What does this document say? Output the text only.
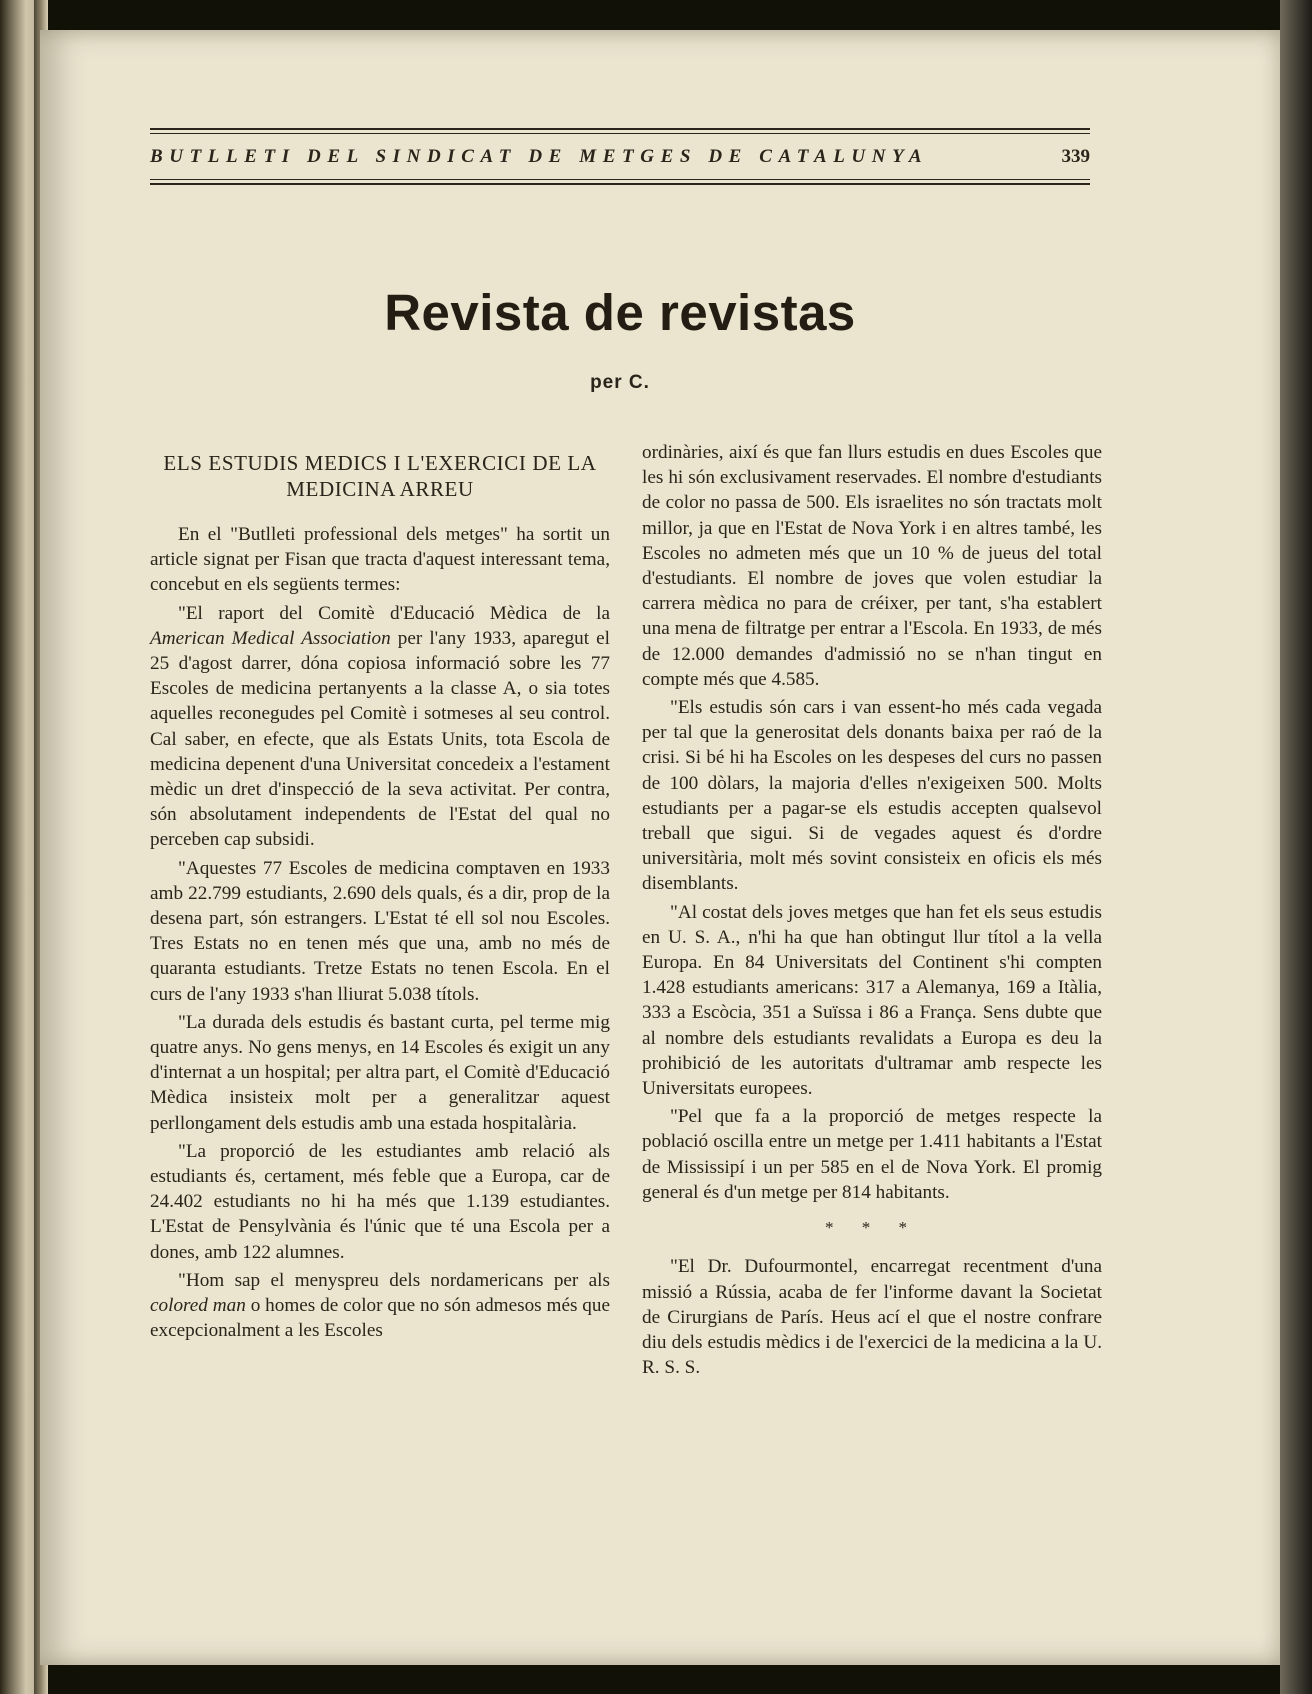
BUTLLETI DEL SINDICAT DE METGES DE CATALUNYA	339
Revista de revistas
per C.
ELS ESTUDIS MEDICS I L'EXERCICI DE LA MEDICINA ARREU

En el "Butlleti professional dels metges" ha sortit un article signat per Fisan que tracta d'aquest interessant tema, concebut en els següents termes:

"El raport del Comitè d'Educació Mèdica de la American Medical Association per l'any 1933, aparegut el 25 d'agost darrer, dóna copiosa informació sobre les 77 Escoles de medicina pertanyents a la classe A, o sia totes aquelles reconegudes pel Comitè i sotmeses al seu control. Cal saber, en efecte, que als Estats Units, tota Escola de medicina depenent d'una Universitat concedeix a l'estament mèdic un dret d'inspecció de la seva activitat. Per contra, són absolutament independents de l'Estat del qual no perceben cap subsidi.

"Aquestes 77 Escoles de medicina comptaven en 1933 amb 22.799 estudiants, 2.690 dels quals, és a dir, prop de la desena part, són estrangers. L'Estat té ell sol nou Escoles. Tres Estats no en tenen més que una, amb no més de quaranta estudiants. Tretze Estats no tenen Escola. En el curs de l'any 1933 s'han lliurat 5.038 títols.

"La durada dels estudis és bastant curta, pel terme mig quatre anys. No gens menys, en 14 Escoles és exigit un any d'internat a un hospital; per altra part, el Comitè d'Educació Mèdica insisteix molt per a generalitzar aquest perllongament dels estudis amb una estada hospitalària.

"La proporció de les estudiantes amb relació als estudiants és, certament, més feble que a Europa, car de 24.402 estudiants no hi ha més que 1.139 estudiantes. L'Estat de Pensylvània és l'únic que té una Escola per a dones, amb 122 alumnes.

"Hom sap el menyspreu dels nordamericans per als colored man o homes de color que no són admesos més que excepcionalment a les Escoles

ordinàries, així és que fan llurs estudis en dues Escoles que les hi són exclusivament reservades. El nombre d'estudiants de color no passa de 500. Els israelites no són tractats molt millor, ja que en l'Estat de Nova York i en altres també, les Escoles no admeten més que un 10 % de jueus del total d'estudiants. El nombre de joves que volen estudiar la carrera mèdica no para de créixer, per tant, s'ha establert una mena de filtratge per entrar a l'Escola. En 1933, de més de 12.000 demandes d'admissió no se n'han tingut en compte més que 4.585.

"Els estudis són cars i van essent-ho més cada vegada per tal que la generositat dels donants baixa per raó de la crisi. Si bé hi ha Escoles on les despeses del curs no passen de 100 dòlars, la majoria d'elles n'exigeixen 500. Molts estudiants per a pagar-se els estudis accepten qualsevol treball que sigui. Si de vegades aquest és d'ordre universitària, molt més sovint consisteix en oficis els més disemblants.

"Al costat dels joves metges que han fet els seus estudis en U. S. A., n'hi ha que han obtingut llur títol a la vella Europa. En 84 Universitats del Continent s'hi compten 1.428 estudiants americans: 317 a Alemanya, 169 a Itàlia, 333 a Escòcia, 351 a Suïssa i 86 a França. Sens dubte que al nombre dels estudiants revalidats a Europa es deu la prohibició de les autoritats d'ultramar amb respecte les Universitats europees.

"Pel que fa a la proporció de metges respecte la població oscilla entre un metge per 1.411 habitants a l'Estat de Mississipí i un per 585 en el de Nova York. El promig general és d'un metge per 814 habitants.

* * *

"El Dr. Dufourmontel, encarregat recentment d'una missió a Rússia, acaba de fer l'informe davant la Societat de Cirurgians de París. Heus ací el que el nostre confrare diu dels estudis mèdics i de l'exercici de la medicina a la U. R. S. S.
